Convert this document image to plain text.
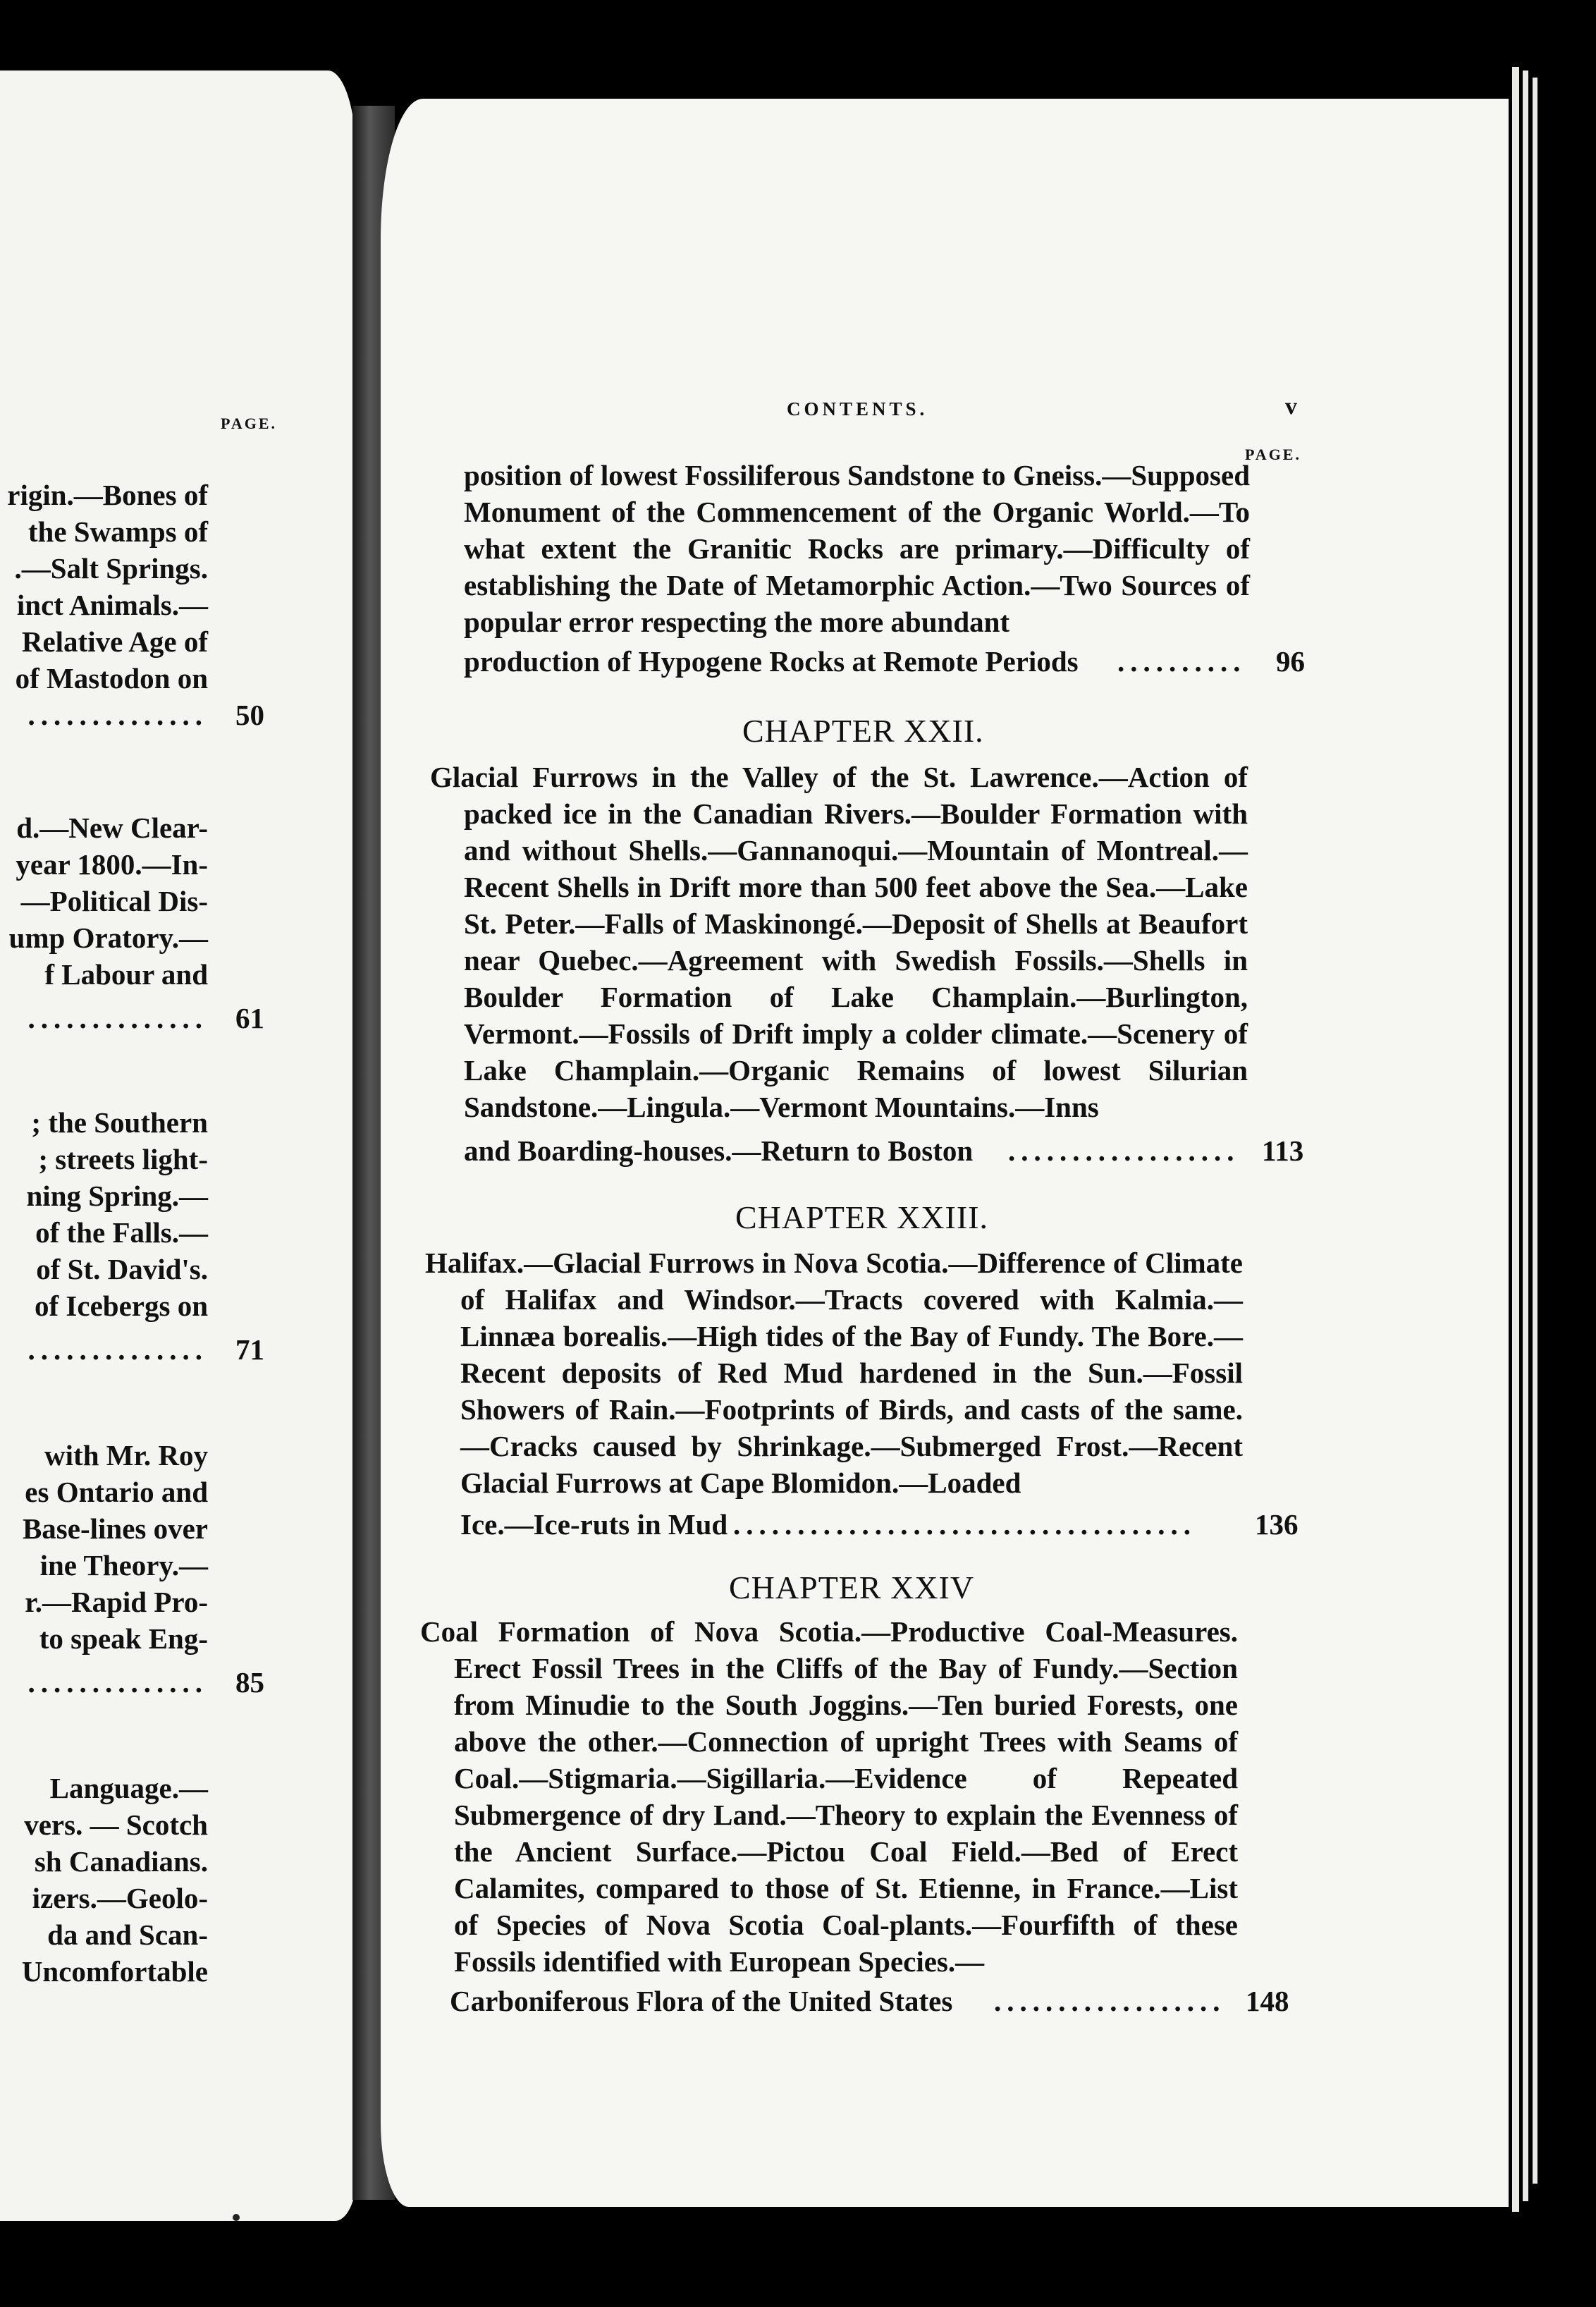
PAGE.
rigin.—Bones of
the Swamps of
.—Salt Springs.
inct Animals.—
Relative Age of
of Mastodon on
.............. 50
d.—New Clear-
year 1800.—In-
—Political Dis-
ump Oratory.—
f Labour and
.............. 61
; the Southern
; streets light-
ning Spring.—
of the Falls.—
of St. David's.
of Icebergs on
.............. 71
with Mr. Roy
es Ontario and
Base-lines over
ine Theory.—
r.—Rapid Pro-
to speak Eng-
.............. 85
Language.—
vers. — Scotch
sh Canadians.
izers.—Geolo-
da and Scan-
Uncomfortable
CONTENTS.	v
PAGE.

position of lowest Fossiliferous Sandstone to Gneiss.—Supposed Monument of the Commencement of the Organic World.—To what extent the Granitic Rocks are primary.—Difficulty of establishing the Date of Metamorphic Action.—Two Sources of popular error respecting the more abundant

production of Hypogene Rocks at Remote Periods ..........	96
CHAPTER XXII.

Glacial Furrows in the Valley of the St. Lawrence.—Action of packed ice in the Canadian Rivers.—Boulder Formation with and without Shells.—Gannanoqui.—Mountain of Montreal.—Recent Shells in Drift more than 500 feet above the Sea.—Lake St. Peter.—Falls of Maskinongé.—Deposit of Shells at Beaufort near Quebec.—Agreement with Swedish Fossils.—Shells in Boulder Formation of Lake Champlain.—Burlington, Vermont.—Fossils of Drift imply a colder climate.—Scenery of Lake Champlain.—Organic Remains of lowest Silurian Sandstone.—Lingula.—Vermont Mountains.—Inns

and Boarding-houses.—Return to Boston .................. 113
CHAPTER XXIII.

Halifax.—Glacial Furrows in Nova Scotia.—Difference of Climate of Halifax and Windsor.—Tracts covered with Kalmia.—Linnæa borealis.—High tides of the Bay of Fundy. The Bore.—Recent deposits of Red Mud hardened in the Sun.—Fossil Showers of Rain.—Footprints of Birds, and casts of the same.—Cracks caused by Shrinkage.—Submerged Frost.—Recent Glacial Furrows at Cape Blomidon.—Loaded

Ice.—Ice-ruts in Mud ....................................	136
CHAPTER XXIV

Coal Formation of Nova Scotia.—Productive Coal-Measures. Erect Fossil Trees in the Cliffs of the Bay of Fundy.—Section from Minudie to the South Joggins.—Ten buried Forests, one above the other.—Connection of upright Trees with Seams of Coal.—Stigmaria.—Sigillaria.—Evidence of Repeated Submergence of dry Land.—Theory to explain the Evenness of the Ancient Surface.—Pictou Coal Field.—Bed of Erect Calamites, compared to those of St. Etienne, in France.—List of Species of Nova Scotia Coal-plants.—Fourfifth of these Fossils identified with European Species.—

Carboniferous Flora of the United States .................. 148
